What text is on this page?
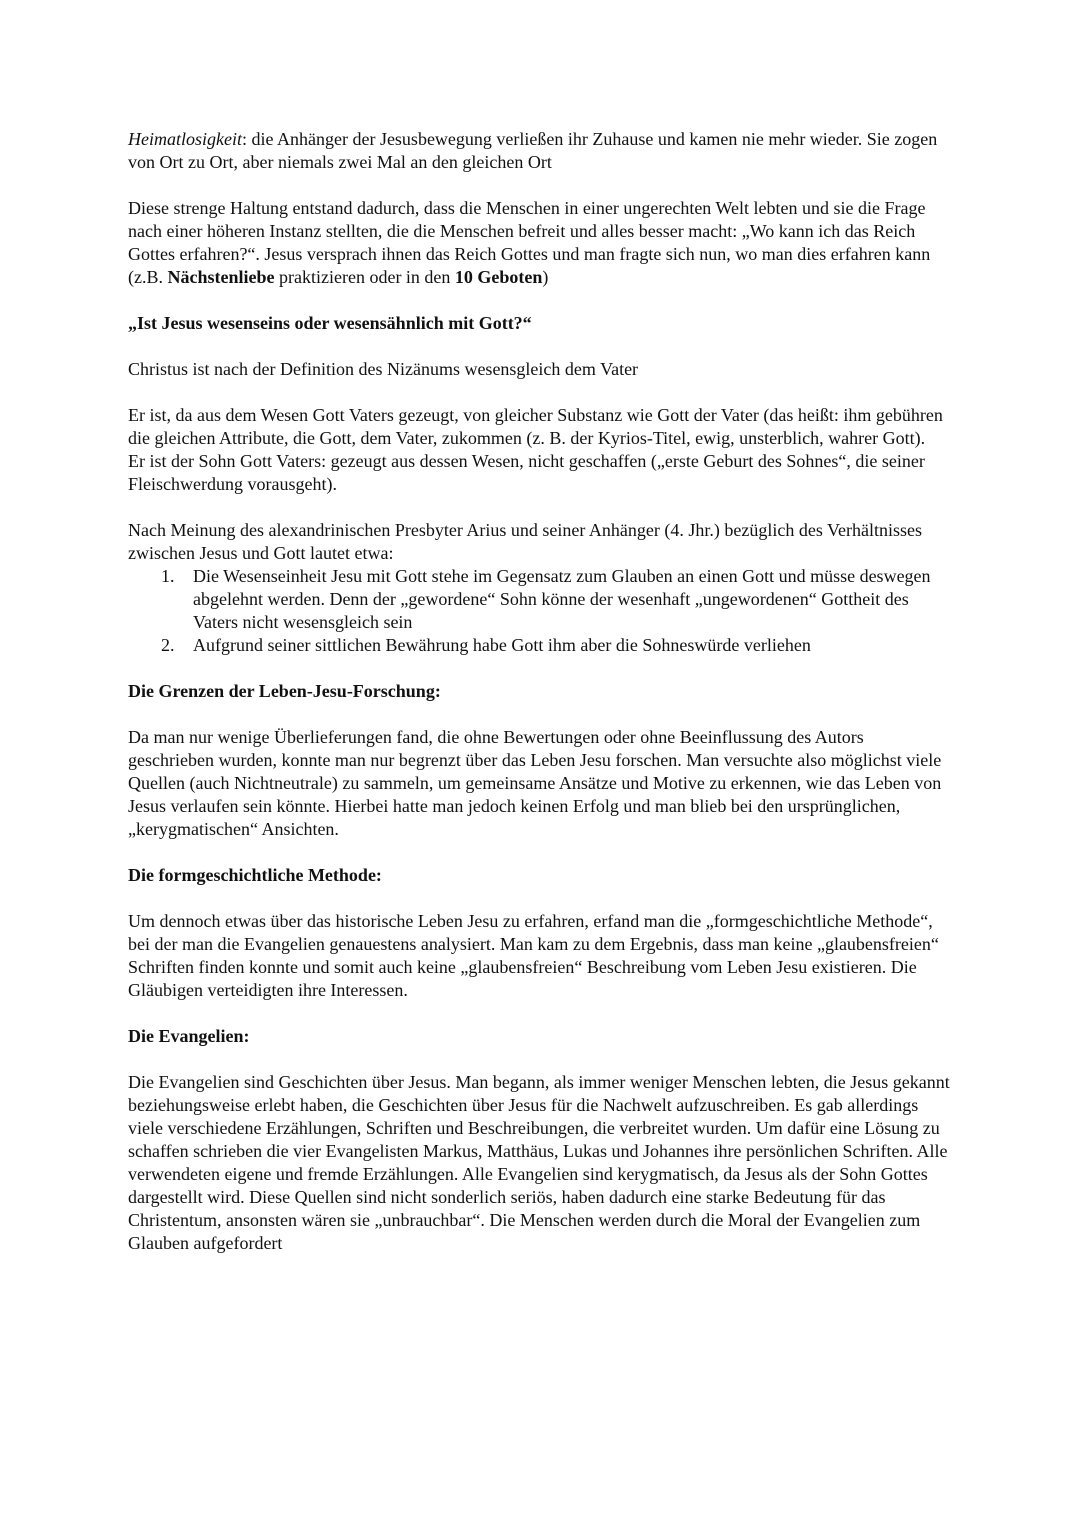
Heimatlosigkeit: die Anhänger der Jesusbewegung verließen ihr Zuhause und kamen nie mehr wieder. Sie zogen von Ort zu Ort, aber niemals zwei Mal an den gleichen Ort

Diese strenge Haltung entstand dadurch, dass die Menschen in einer ungerechten Welt lebten und sie die Frage nach einer höheren Instanz stellten, die die Menschen befreit und alles besser macht: „Wo kann ich das Reich Gottes erfahren?“. Jesus versprach ihnen das Reich Gottes und man fragte sich nun, wo man dies erfahren kann (z.B. Nächstenliebe praktizieren oder in den 10 Geboten)

„Ist Jesus wesenseins oder wesensähnlich mit Gott?“

Christus ist nach der Definition des Nizänums wesensgleich dem Vater

Er ist, da aus dem Wesen Gott Vaters gezeugt, von gleicher Substanz wie Gott der Vater (das heißt: ihm gebühren die gleichen Attribute, die Gott, dem Vater, zukommen (z. B. der Kyrios-Titel, ewig, unsterblich, wahrer Gott).

Er ist der Sohn Gott Vaters: gezeugt aus dessen Wesen, nicht geschaffen („erste Geburt des Sohnes“, die seiner Fleischwerdung vorausgeht).

Nach Meinung des alexandrinischen Presbyter Arius und seiner Anhänger (4. Jhr.) bezüglich des Verhältnisses zwischen Jesus und Gott lautet etwa:

1. Die Wesenseinheit Jesu mit Gott stehe im Gegensatz zum Glauben an einen Gott und müsse deswegen abgelehnt werden. Denn der „gewordene“ Sohn könne der wesenhaft „ungewordenen“ Gottheit des Vaters nicht wesensgleich sein
2. Aufgrund seiner sittlichen Bewährung habe Gott ihm aber die Sohneswürde verliehen

Die Grenzen der Leben-Jesu-Forschung:

Da man nur wenige Überlieferungen fand, die ohne Bewertungen oder ohne Beeinflussung des Autors geschrieben wurden, konnte man nur begrenzt über das Leben Jesu forschen. Man versuchte also möglichst viele Quellen (auch Nichtneutrale) zu sammeln, um gemeinsame Ansätze und Motive zu erkennen, wie das Leben von Jesus verlaufen sein könnte. Hierbei hatte man jedoch keinen Erfolg und man blieb bei den ursprünglichen, „kerygmatischen“ Ansichten.

Die formgeschichtliche Methode:

Um dennoch etwas über das historische Leben Jesu zu erfahren, erfand man die „formgeschichtliche Methode“, bei der man die Evangelien genauestens analysiert. Man kam zu dem Ergebnis, dass man keine „glaubensfreien“ Schriften finden konnte und somit auch keine „glaubensfreien“ Beschreibung vom Leben Jesu existieren. Die Gläubigen verteidigten ihre Interessen.

Die Evangelien:

Die Evangelien sind Geschichten über Jesus. Man begann, als immer weniger Menschen lebten, die Jesus gekannt beziehungsweise erlebt haben, die Geschichten über Jesus für die Nachwelt aufzuschreiben. Es gab allerdings viele verschiedene Erzählungen, Schriften und Beschreibungen, die verbreitet wurden. Um dafür eine Lösung zu schaffen schrieben die vier Evangelisten Markus, Matthäus, Lukas und Johannes ihre persönlichen Schriften. Alle verwendeten eigene und fremde Erzählungen. Alle Evangelien sind kerygmatisch, da Jesus als der Sohn Gottes dargestellt wird. Diese Quellen sind nicht sonderlich seriös, haben dadurch eine starke Bedeutung für das Christentum, ansonsten wären sie „unbrauchbar“. Die Menschen werden durch die Moral der Evangelien zum Glauben aufgefordert
